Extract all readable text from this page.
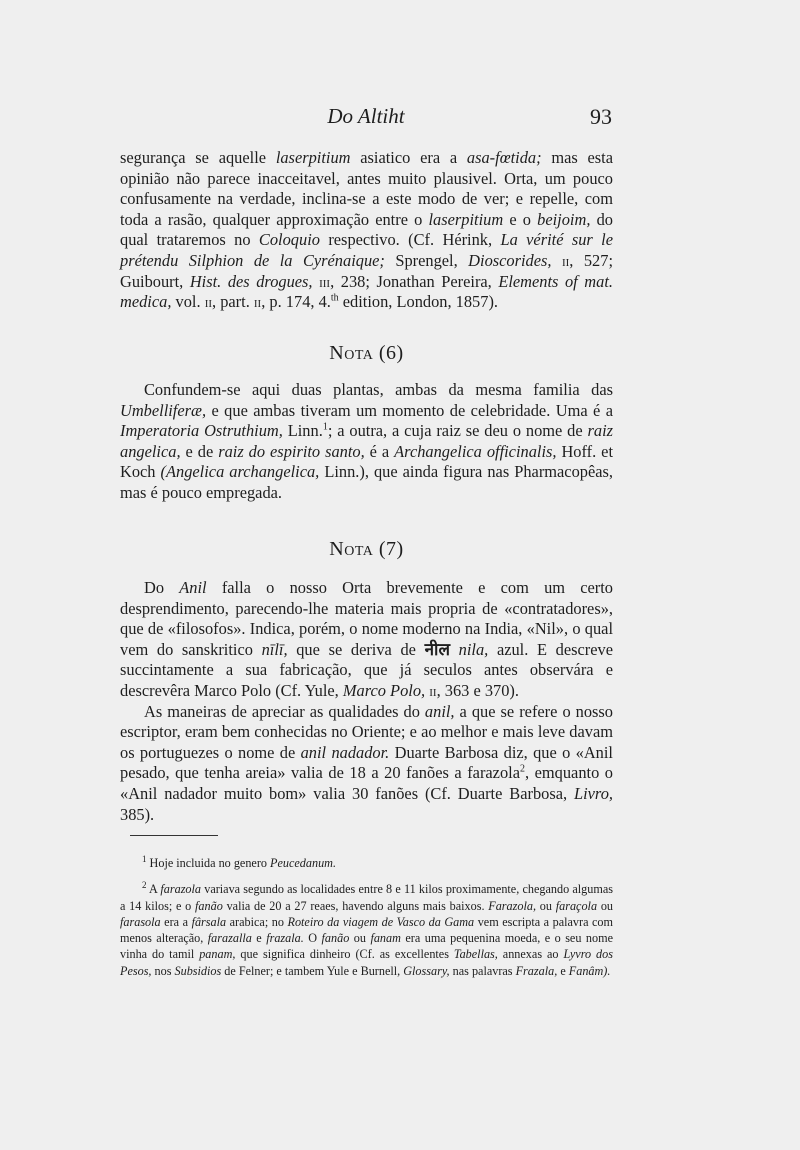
Do Altiht	93

segurança se aquelle laserpitium asiatico era a asa-fœtida; mas esta opinião não parece inacceitavel, antes muito plausivel. Orta, um pouco confusamente na verdade, inclina-se a este modo de ver; e repelle, com toda a rasão, qualquer approximação entre o laserpitium e o beijoim, do qual trataremos no Coloquio respectivo. (Cf. Hérink, La vérité sur le prétendu Silphion de la Cyrénaique; Sprengel, Dioscorides, ii, 527; Guibourt, Hist. des drogues, iii, 238; Jonathan Pereira, Elements of mat. medica, vol. ii, part. ii, p. 174, 4.$^{th}$ edition, London, 1857).

Nota (6)

Confundem-se aqui duas plantas, ambas da mesma familia das Umbelliferæ, e que ambas tiveram um momento de celebridade. Uma é a Imperatoria Ostruthium, Linn.$^1$; a outra, a cuja raiz se deu o nome de raiz angelica, e de raiz do espirito santo, é a Archangelica officinalis, Hoff. et Koch (Angelica archangelica, Linn.), que ainda figura nas Pharmacopêas, mas é pouco empregada.

Nota (7)

Do Anil falla o nosso Orta brevemente e com um certo desprendimento, parecendo-lhe materia mais propria de «contratadores», que de «filosofos». Indica, porém, o nome moderno na India, «Nil», o qual vem do sanskritico nīlī, que se deriva de नील nila, azul. E descreve succintamente a sua fabricação, que já seculos antes observára e descrevêra Marco Polo (Cf. Yule, Marco Polo, ii, 363 e 370).

As maneiras de apreciar as qualidades do anil, a que se refere o nosso escriptor, eram bem conhecidas no Oriente; e ao melhor e mais leve davam os portuguezes o nome de anil nadador. Duarte Barbosa diz, que o «Anil pesado, que tenha areia» valia de 18 a 20 fanões a farazola$^2$, emquanto o «Anil nadador muito bom» valia 30 fanões (Cf. Duarte Barbosa, Livro, 385).

$^1$ Hoje incluida no genero Peucedanum.

$^2$ A farazola variava segundo as localidades entre 8 e 11 kilos proximamente, chegando algumas a 14 kilos; e o fanão valia de 20 a 27 reaes, havendo alguns mais baixos. Farazola, ou faraçola ou farasola era a fârsala arabica; no Roteiro da viagem de Vasco da Gama vem escripta a palavra com menos alteração, farazalla e frazala. O fanão ou fanam era uma pequenina moeda, e o seu nome vinha do tamil panam, que significa dinheiro (Cf. as excellentes Tabellas, annexas ao Lyvro dos Pesos, nos Subsidios de Felner; e tambem Yule e Burnell, Glossary, nas palavras Frazala, e Fanâm).
